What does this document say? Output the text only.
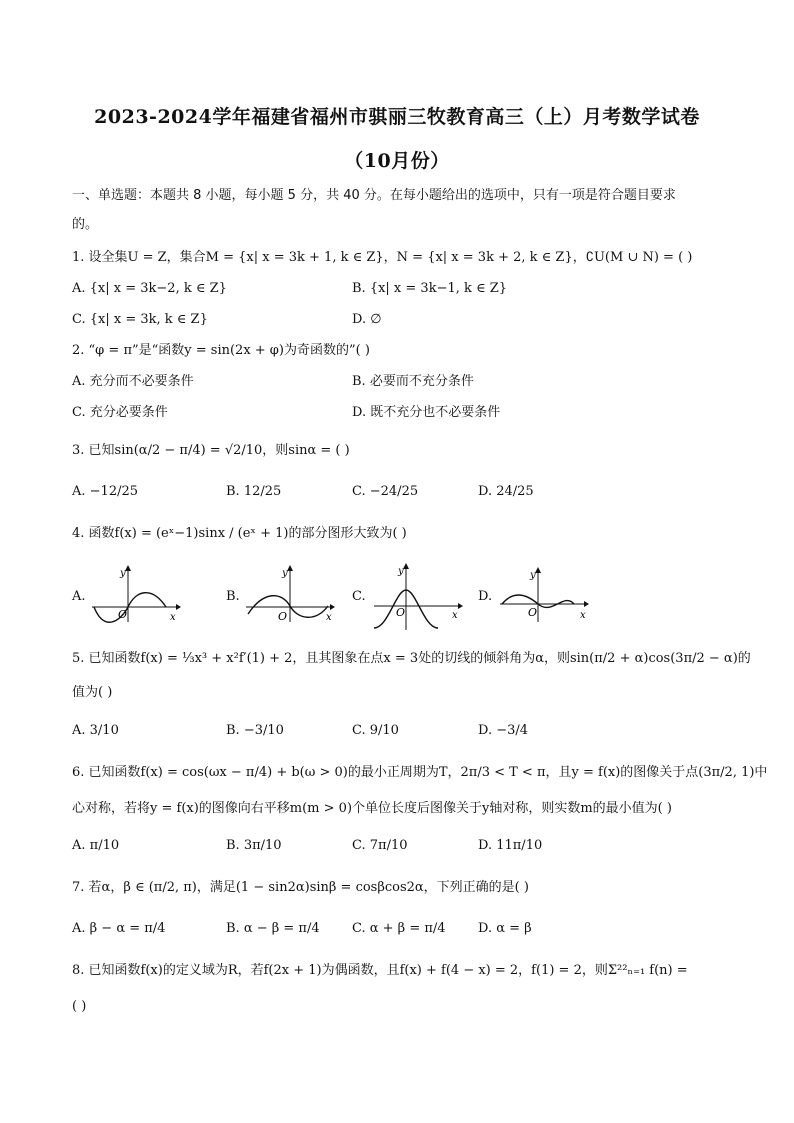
2023-2024学年福建省福州市骐丽三牧教育高三（上）月考数学试卷
（10月份）
一、单选题：本题共 8 小题，每小题 5 分，共 40 分。在每小题给出的选项中，只有一项是符合题目要求
的。
1. 设全集U = Z，集合M = {x| x = 3k + 1, k ∈ Z}，N = {x| x = 3k + 2, k ∈ Z}，∁U(M ∪ N) = ( )
A. {x| x = 3k−2, k ∈ Z}	B. {x| x = 3k−1, k ∈ Z}
C. {x| x = 3k, k ∈ Z}	D. ∅
2. “φ = π”是“函数y = sin(2x + φ)为奇函数的”( )
A. 充分而不必要条件	B. 必要而不充分条件
C. 充分必要条件	D. 既不充分也不必要条件
3. 已知sin(α/2 − π/4) = √2/10，则sinα = ( )
A. −12/25	B. 12/25	C. −24/25	D. 24/25
4. 函数f(x) = (eˣ−1)sinx / (eˣ + 1)的部分图形大致为( )
A.	B.	C.	D.
y
x
O
y
x
O
y
x
O
y
x
O
5. 已知函数f(x) = ⅓x³ + x²f′(1) + 2，且其图象在点x = 3处的切线的倾斜角为α，则sin(π/2 + α)cos(3π/2 − α)的
值为( )
A. 3/10	B. −3/10	C. 9/10	D. −3/4
6. 已知函数f(x) = cos(ωx − π/4) + b(ω > 0)的最小正周期为T，2π/3 < T < π，且y = f(x)的图像关于点(3π/2, 1)中
心对称，若将y = f(x)的图像向右平移m(m > 0)个单位长度后图像关于y轴对称，则实数m的最小值为( )
A. π/10	B. 3π/10	C. 7π/10	D. 11π/10
7. 若α，β ∈ (π/2, π)，满足(1 − sin2α)sinβ = cosβcos2α，下列正确的是( )
A. β − α = π/4	B. α − β = π/4 C. α + β = π/4 D. α = β
8. 已知函数f(x)的定义域为R，若f(2x + 1)为偶函数，且f(x) + f(4 − x) = 2，f(1) = 2，则Σ²²ₙ₌₁ f(n) =
( )
